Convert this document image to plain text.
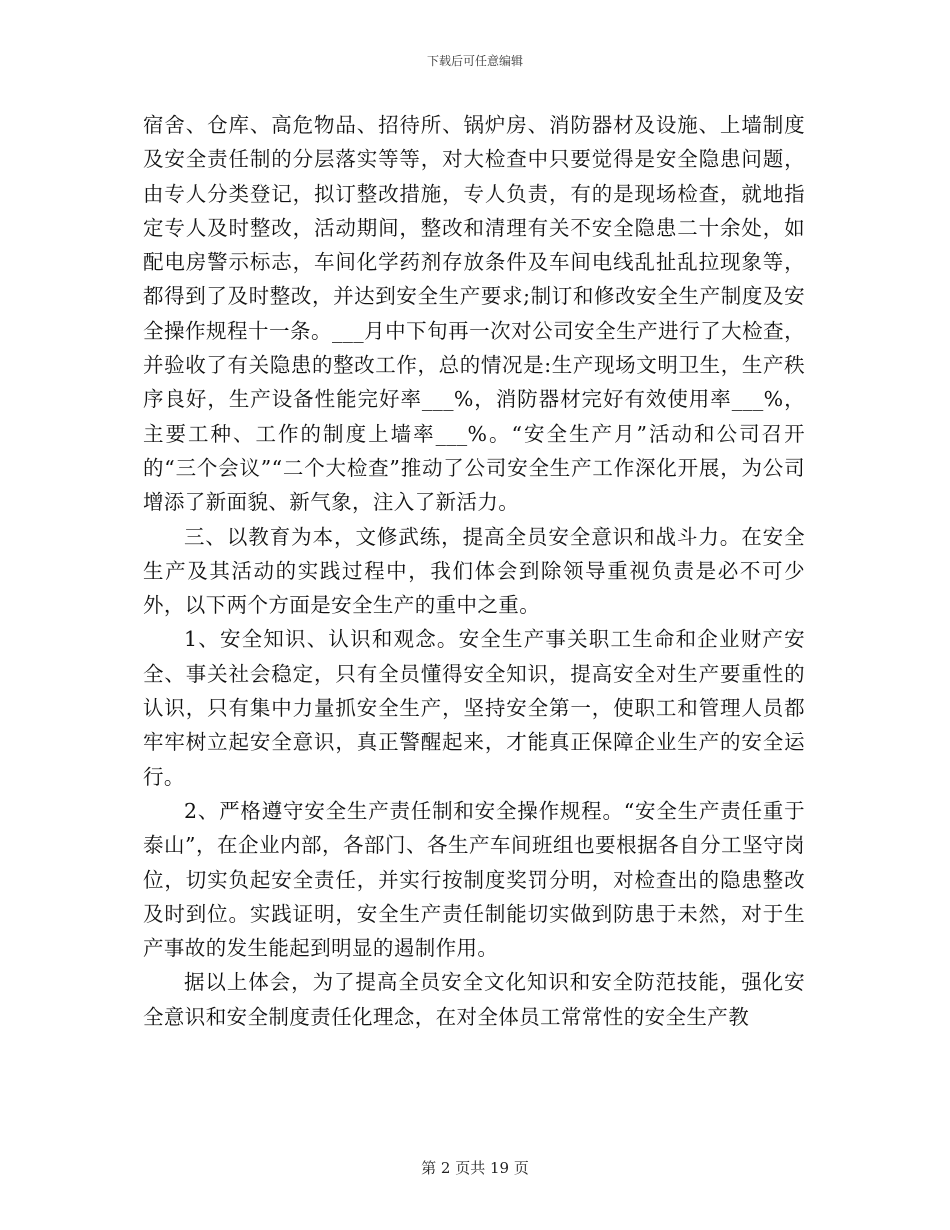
下载后可任意编辑

宿舍、仓库、高危物品、招待所、锅炉房、消防器材及设施、上墙制度及安全责任制的分层落实等等，对大检查中只要觉得是安全隐患问题，由专人分类登记，拟订整改措施，专人负责，有的是现场检查，就地指定专人及时整改，活动期间，整改和清理有关不安全隐患二十余处，如配电房警示标志，车间化学药剂存放条件及车间电线乱扯乱拉现象等，都得到了及时整改，并达到安全生产要求;制订和修改安全生产制度及安全操作规程十一条。___月中下旬再一次对公司安全生产进行了大检查，并验收了有关隐患的整改工作，总的情况是:生产现场文明卫生，生产秩序良好，生产设备性能完好率___%，消防器材完好有效使用率___%，主要工种、工作的制度上墙率___%。“安全生产月”活动和公司召开的“三个会议”“二个大检查”推动了公司安全生产工作深化开展，为公司增添了新面貌、新气象，注入了新活力。

三、以教育为本，文修武练，提高全员安全意识和战斗力。在安全生产及其活动的实践过程中，我们体会到除领导重视负责是必不可少外，以下两个方面是安全生产的重中之重。

1、安全知识、认识和观念。安全生产事关职工生命和企业财产安全、事关社会稳定，只有全员懂得安全知识，提高安全对生产要重性的认识，只有集中力量抓安全生产，坚持安全第一，使职工和管理人员都牢牢树立起安全意识，真正警醒起来，才能真正保障企业生产的安全运行。

2、严格遵守安全生产责任制和安全操作规程。“安全生产责任重于泰山”，在企业内部，各部门、各生产车间班组也要根据各自分工坚守岗位，切实负起安全责任，并实行按制度奖罚分明，对检查出的隐患整改及时到位。实践证明，安全生产责任制能切实做到防患于未然，对于生产事故的发生能起到明显的遏制作用。

据以上体会，为了提高全员安全文化知识和安全防范技能，强化安全意识和安全制度责任化理念，在对全体员工常常性的安全生产教

第 2 页共 19 页
